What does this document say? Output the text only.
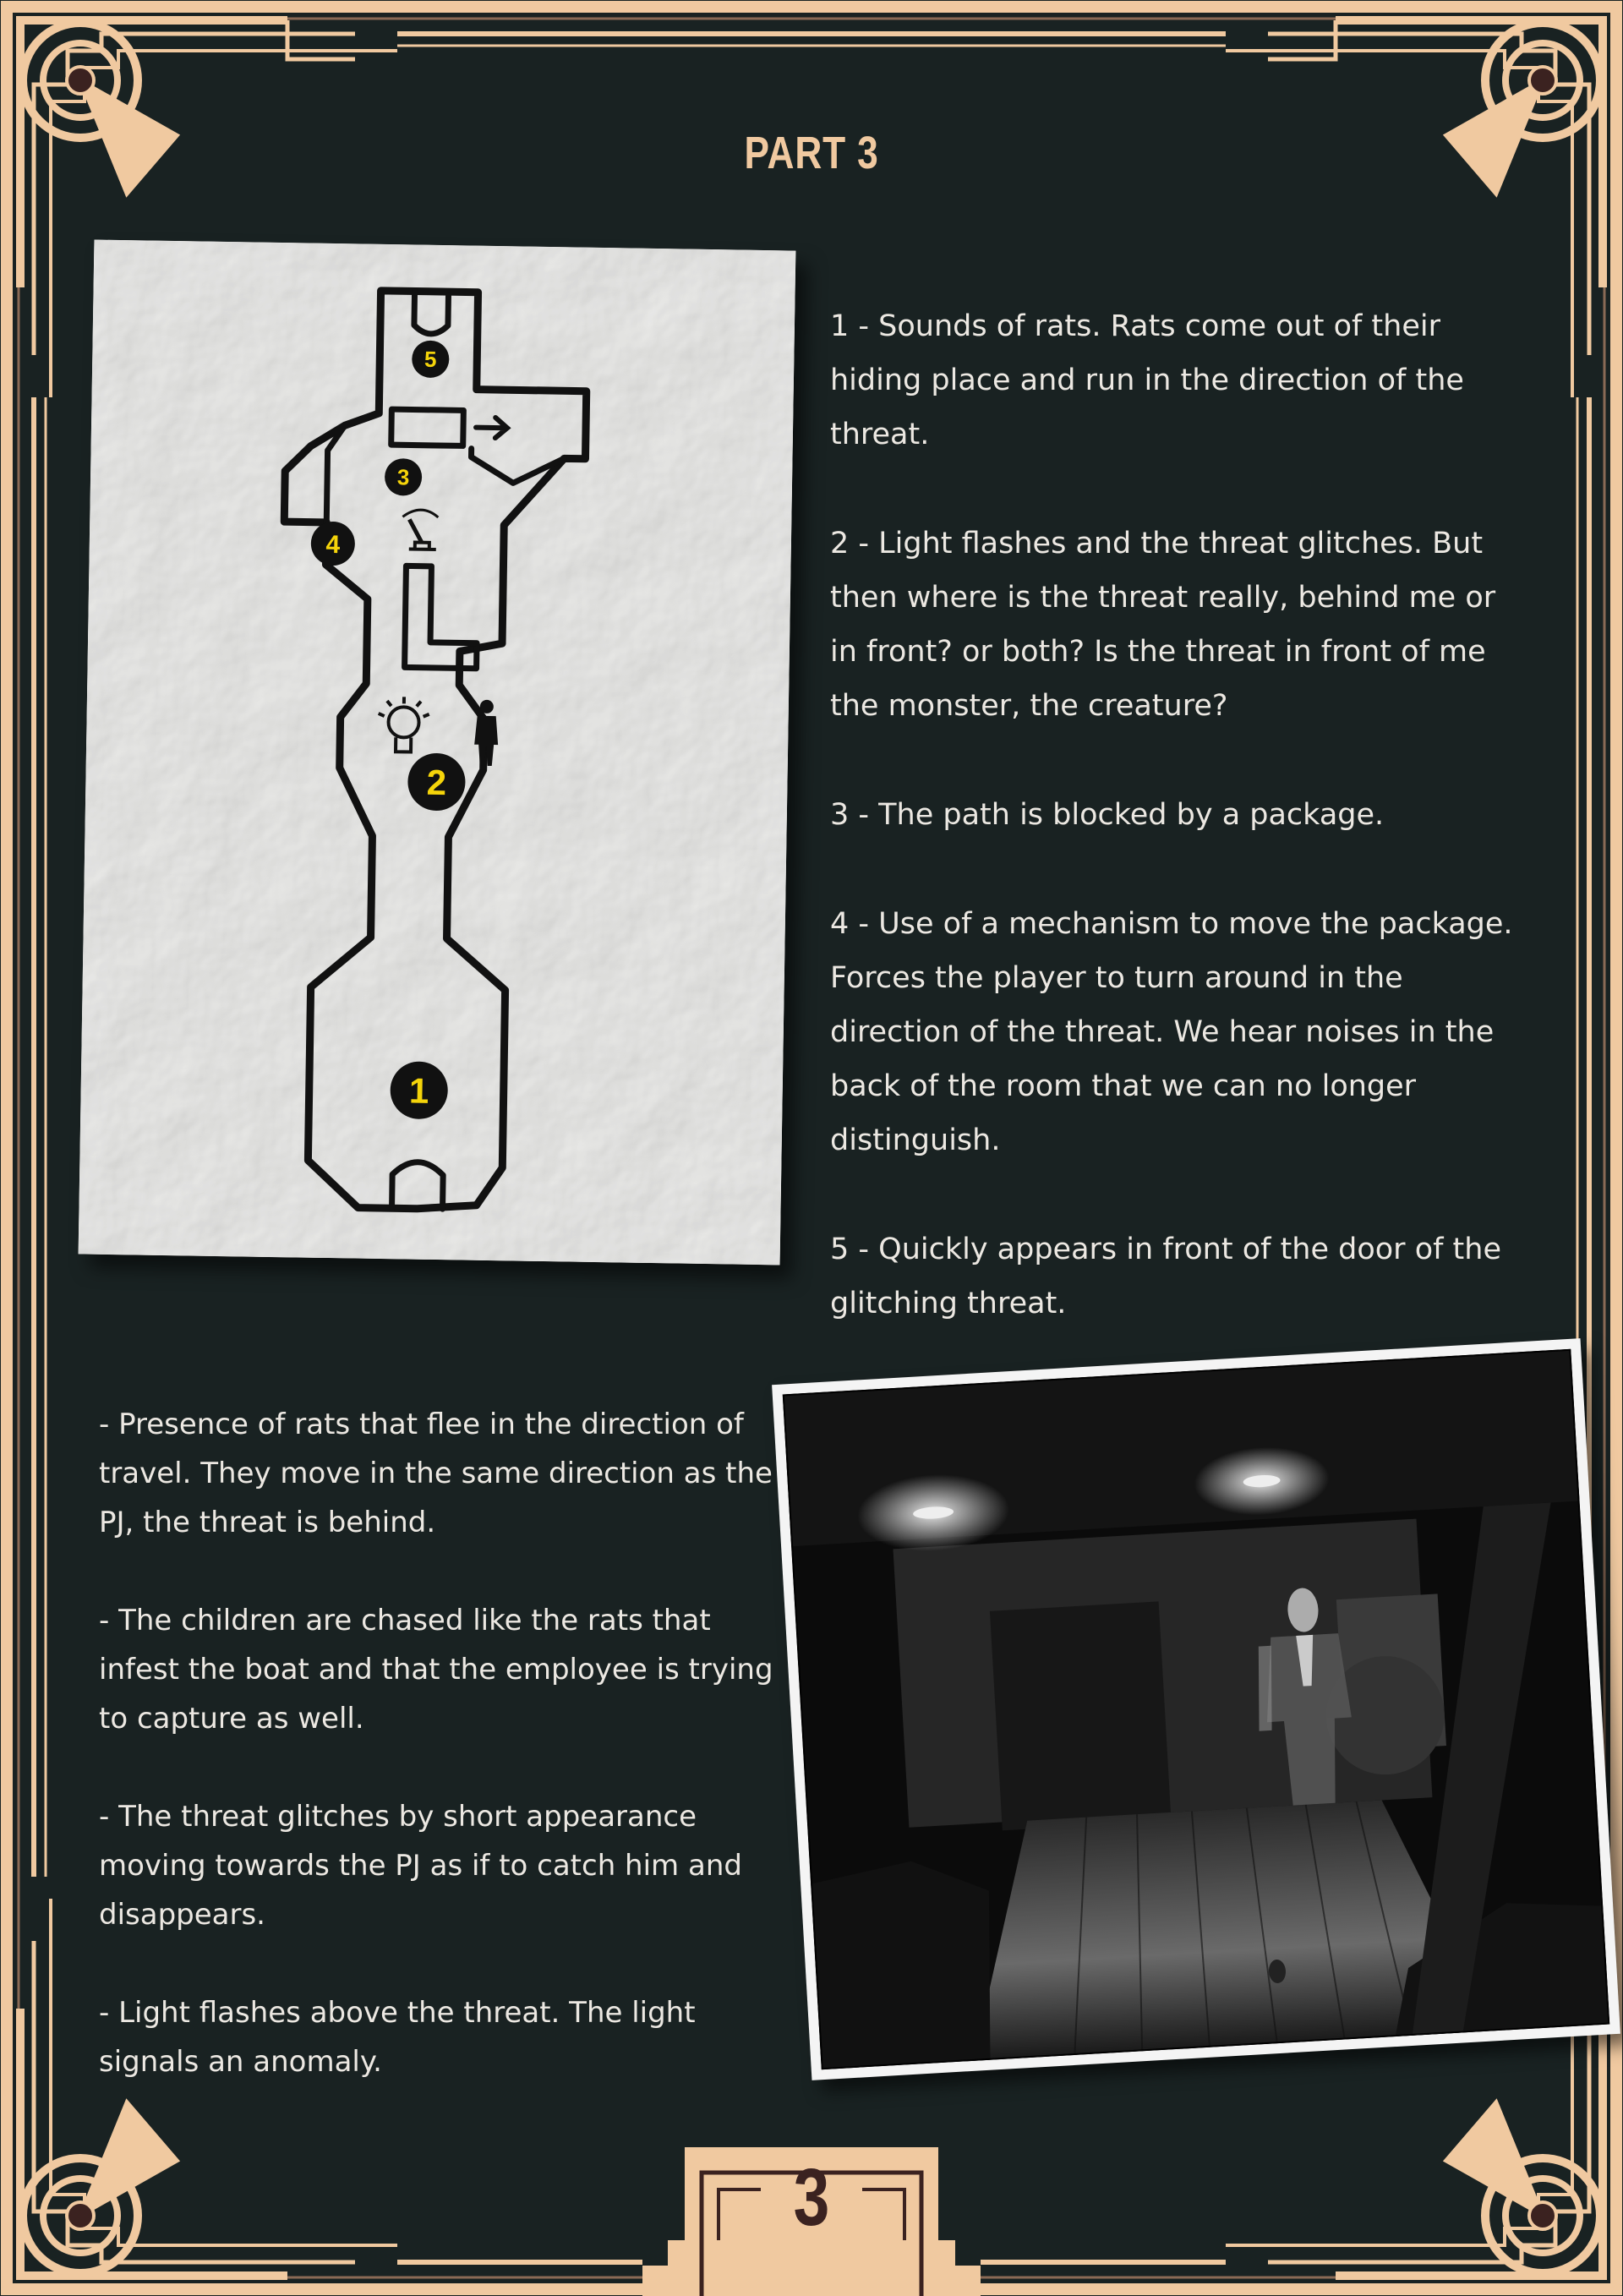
PART 3
5
3
4
2
1

1 - Sounds of rats. Rats come out of their hiding place and run in the direction of the threat.

2 - Light flashes and the threat glitches. But then where is the threat really, behind me or in front? or both? Is the threat in front of me the monster, the creature?

3 - The path is blocked by a package.

4 - Use of a mechanism to move the package. Forces the player to turn around in the direction of the threat. We hear noises in the back of the room that we can no longer distinguish.

5 - Quickly appears in front of the door of the glitching threat.

- Presence of rats that flee in the direction of travel. They move in the same direction as the PJ, the threat is behind.

- The children are chased like the rats that infest the boat and that the employee is trying to capture as well.

- The threat glitches by short appearance moving towards the PJ as if to catch him and disappears.

- Light flashes above the threat. The light signals an anomaly.

3
